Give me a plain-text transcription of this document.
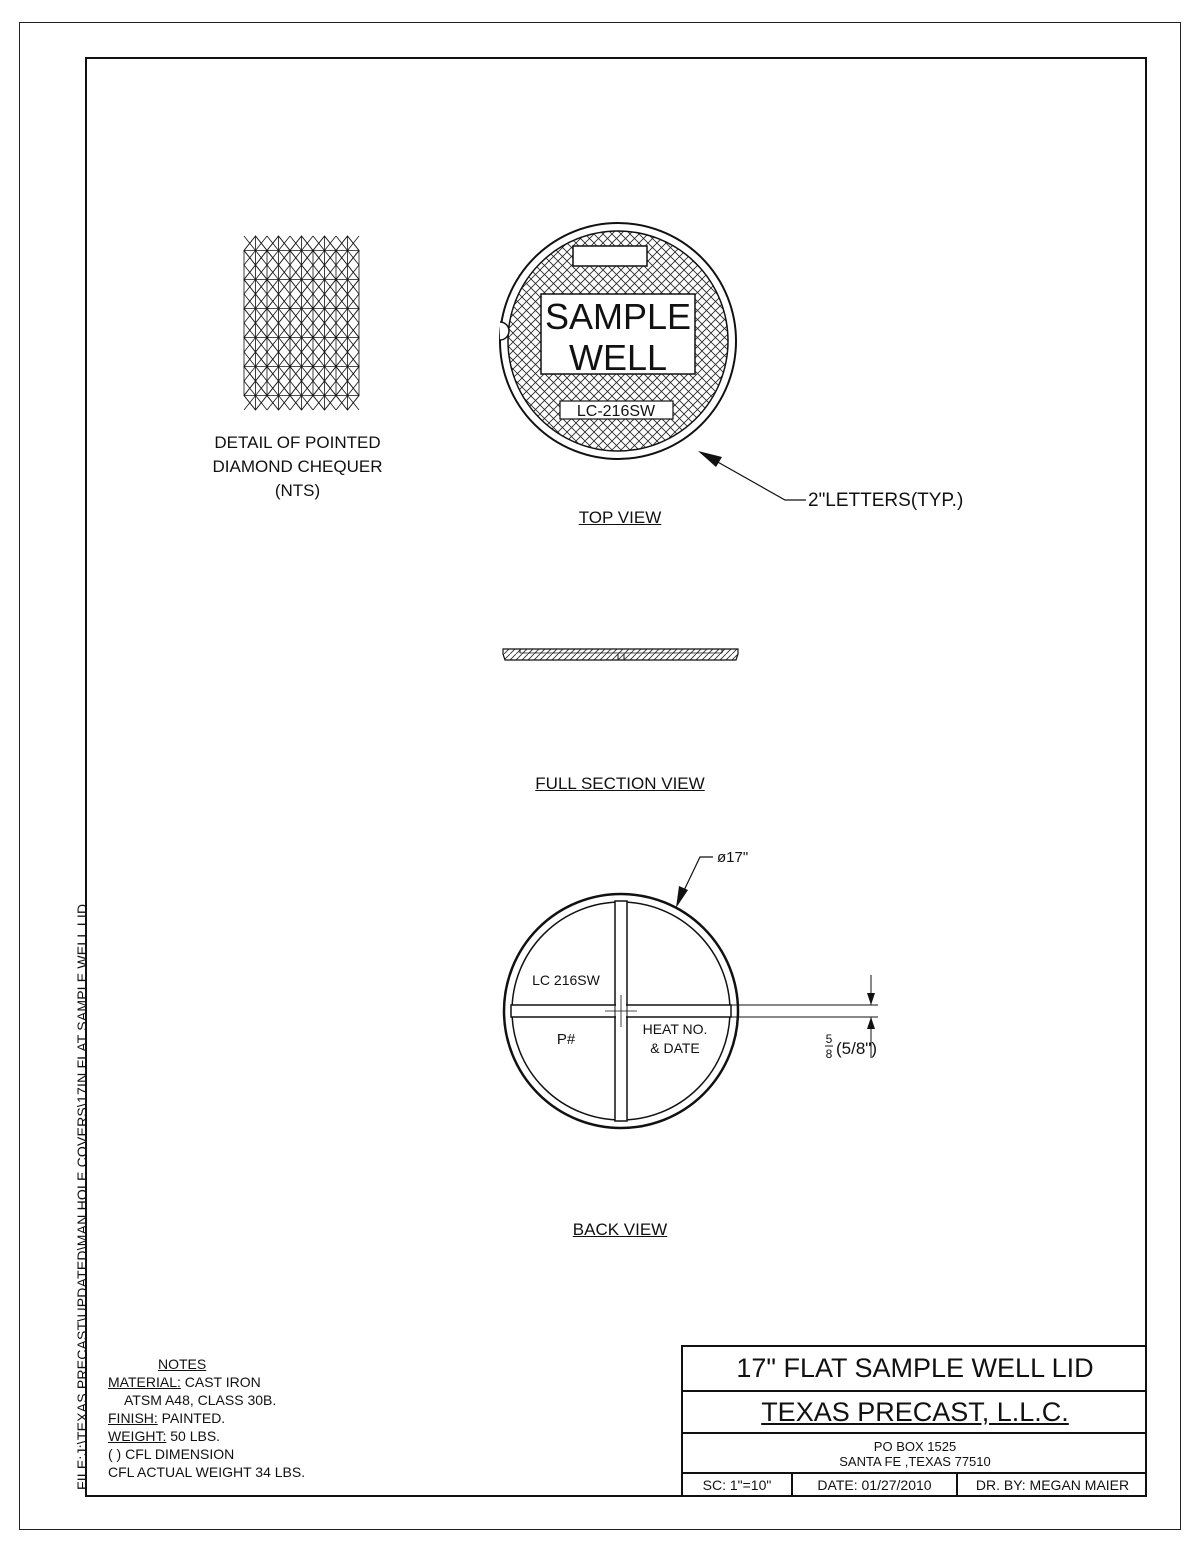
SAMPLE
WELL
LC-216SW
2"LETTERS(TYP.)
LC 216SW
P#
HEAT NO.
& DATE
ø17"
5
8 (5/8")
DETAIL OF POINTED
DIAMOND CHEQUER
(NTS)
TOP VIEW
FULL SECTION VIEW
BACK VIEW
FILE:J:\TEXAS PRECAST\UPDATED\MAN HOLE COVERS\17IN.FLAT SAMPLE WELL LID	NOTES
MATERIAL: CAST IRON
ATSM A48, CLASS 30B.
FINISH: PAINTED.
WEIGHT: 50 LBS.
( ) CFL DIMENSION
CFL ACTUAL WEIGHT 34 LBS.
17" FLAT SAMPLE WELL LID
TEXAS PRECAST, L.L.C.
PO BOX 1525
SANTA FE ,TEXAS 77510
SC: 1"=10"	DATE: 01/27/2010	DR. BY: MEGAN MAIER
